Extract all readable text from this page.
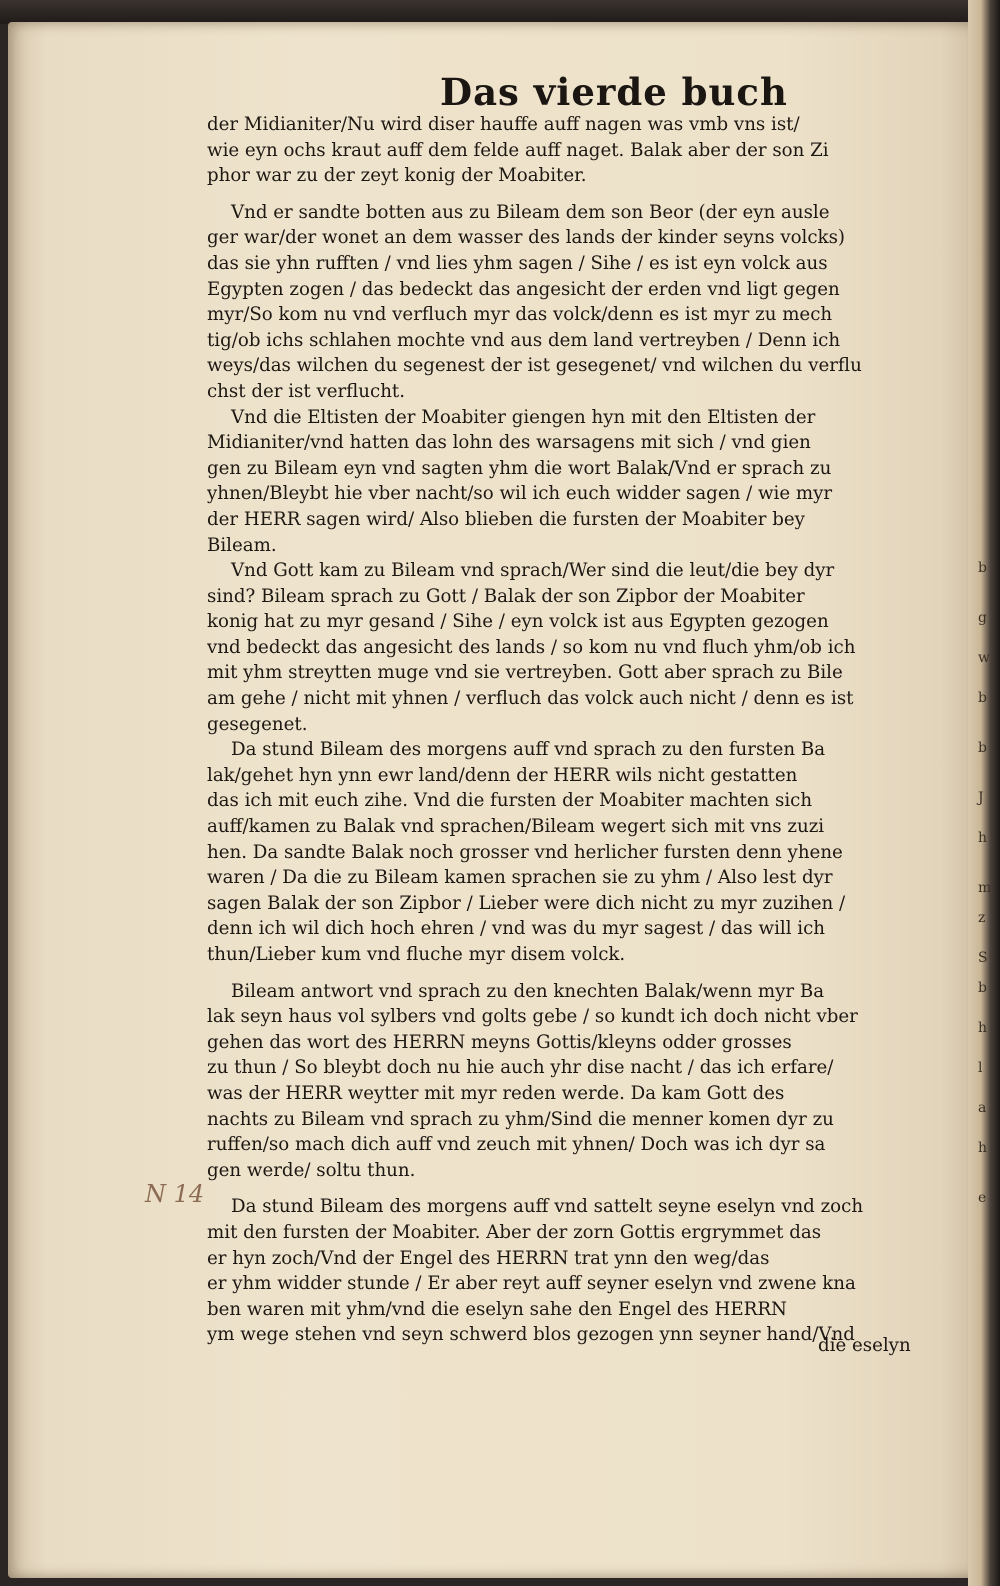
b
g
w
b
b
J
h
m
z
S
b
h
l
a
h
e
Das vierde buch
der Midianiter/Nu wird diser hauffe auff nagen was vmb vns ist/
wie eyn ochs kraut auff dem felde auff naget. Balak aber der son Zi
phor war zu der zeyt konig der Moabiter.
Vnd er sandte botten aus zu Bileam dem son Beor (der eyn ausle
ger war/der wonet an dem wasser des lands der kinder seyns volcks)
das sie yhn rufften / vnd lies yhm sagen / Sihe / es ist eyn volck aus
Egypten zogen / das bedeckt das angesicht der erden vnd ligt gegen
myr/So kom nu vnd verfluch myr das volck/denn es ist myr zu mech
tig/ob ichs schlahen mochte vnd aus dem land vertreyben / Denn ich
weys/das wilchen du segenest der ist gesegenet/ vnd wilchen du verflu
chst der ist verflucht.
Vnd die Eltisten der Moabiter giengen hyn mit den Eltisten der
Midianiter/vnd hatten das lohn des warsagens mit sich / vnd gien
gen zu Bileam eyn vnd sagten yhm die wort Balak/Vnd er sprach zu
yhnen/Bleybt hie vber nacht/so wil ich euch widder sagen / wie myr
der HERR sagen wird/ Also blieben die fursten der Moabiter bey
Bileam.
Vnd Gott kam zu Bileam vnd sprach/Wer sind die leut/die bey dyr
sind? Bileam sprach zu Gott / Balak der son Zipbor der Moabiter
konig hat zu myr gesand / Sihe / eyn volck ist aus Egypten gezogen
vnd bedeckt das angesicht des lands / so kom nu vnd fluch yhm/ob ich
mit yhm streytten muge vnd sie vertreyben. Gott aber sprach zu Bile
am gehe / nicht mit yhnen / verfluch das volck auch nicht / denn es ist
gesegenet.
Da stund Bileam des morgens auff vnd sprach zu den fursten Ba
lak/gehet hyn ynn ewr land/denn der HERR wils nicht gestatten
das ich mit euch zihe. Vnd die fursten der Moabiter machten sich
auff/kamen zu Balak vnd sprachen/Bileam wegert sich mit vns zuzi
hen. Da sandte Balak noch grosser vnd herlicher fursten denn yhene
waren / Da die zu Bileam kamen sprachen sie zu yhm / Also lest dyr
sagen Balak der son Zipbor / Lieber were dich nicht zu myr zuzihen /
denn ich wil dich hoch ehren / vnd was du myr sagest / das will ich
thun/Lieber kum vnd fluche myr disem volck.
Bileam antwort vnd sprach zu den knechten Balak/wenn myr Ba
lak seyn haus vol sylbers vnd golts gebe / so kundt ich doch nicht vber
gehen das wort des HERRN meyns Gottis/kleyns odder grosses
zu thun / So bleybt doch nu hie auch yhr dise nacht / das ich erfare/
was der HERR weytter mit myr reden werde. Da kam Gott des
nachts zu Bileam vnd sprach zu yhm/Sind die menner komen dyr zu
ruffen/so mach dich auff vnd zeuch mit yhnen/ Doch was ich dyr sa
gen werde/ soltu thun.
Da stund Bileam des morgens auff vnd sattelt seyne eselyn vnd zoch
mit den fursten der Moabiter. Aber der zorn Gottis ergrymmet das
er hyn zoch/Vnd der Engel des HERRN trat ynn den weg/das
er yhm widder stunde / Er aber reyt auff seyner eselyn vnd zwene kna
ben waren mit yhm/vnd die eselyn sahe den Engel des HERRN
ym wege stehen vnd seyn schwerd blos gezogen ynn seyner hand/Vnd
N 14
die eselyn
